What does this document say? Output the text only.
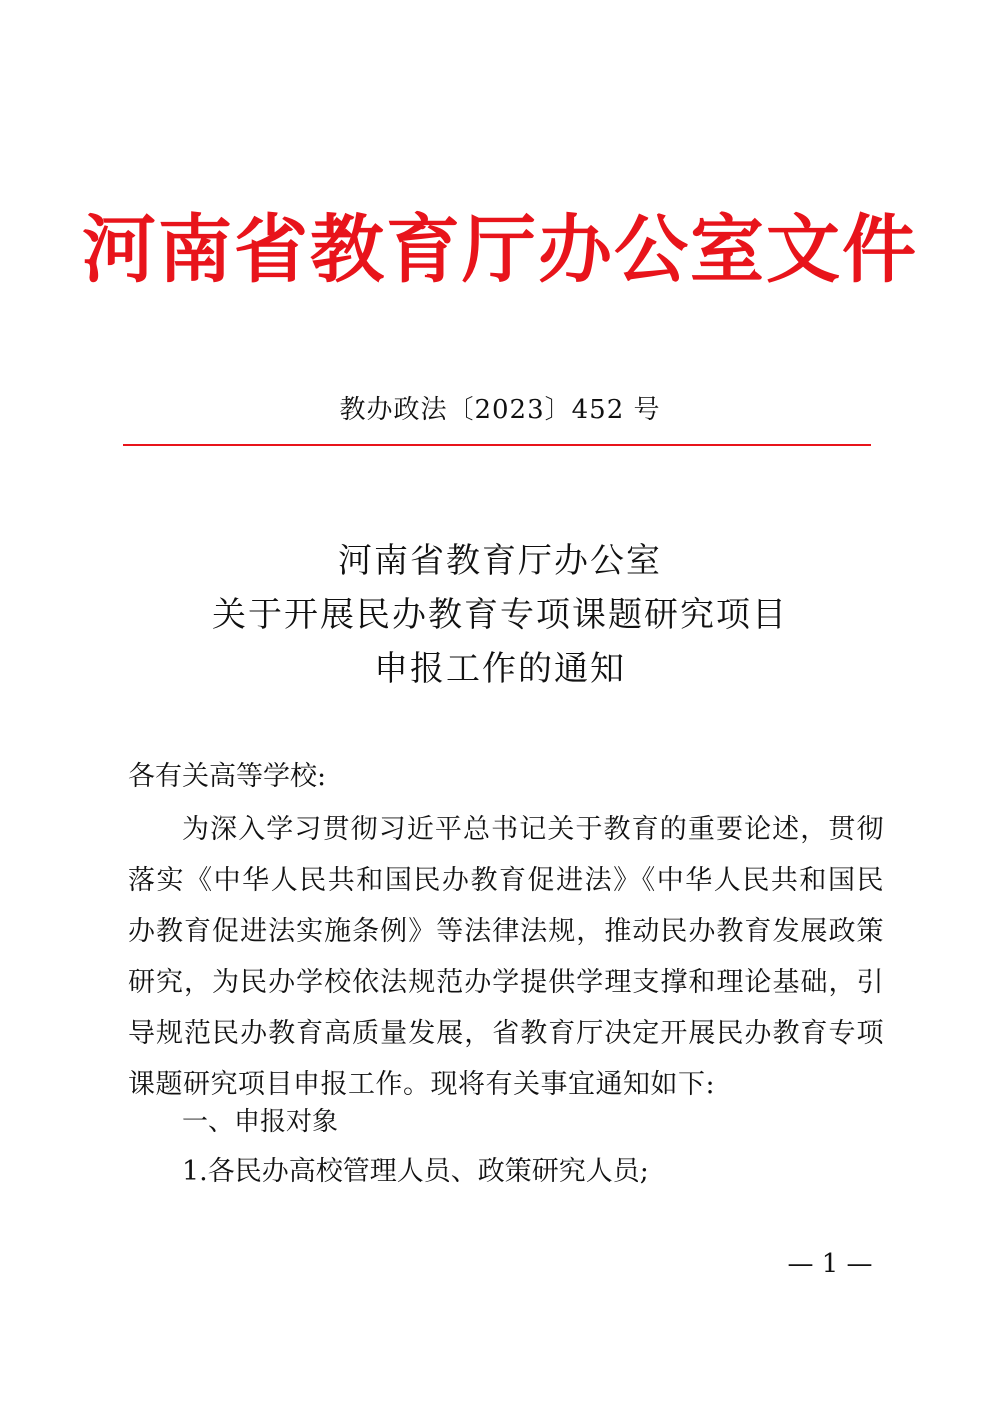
河南省教育厅办公室文件
教办政法〔2023〕452 号
河南省教育厅办公室
关于开展民办教育专项课题研究项目
申报工作的通知
各有关高等学校:
为深入学习贯彻习近平总书记关于教育的重要论述，贯彻落实《中华人民共和国民办教育促进法》《中华人民共和国民办教育促进法实施条例》等法律法规，推动民办教育发展政策研究，为民办学校依法规范办学提供学理支撑和理论基础，引导规范民办教育高质量发展，省教育厅决定开展民办教育专项课题研究项目申报工作。现将有关事宜通知如下:
一、申报对象
1.各民办高校管理人员、政策研究人员;
— 1 —
